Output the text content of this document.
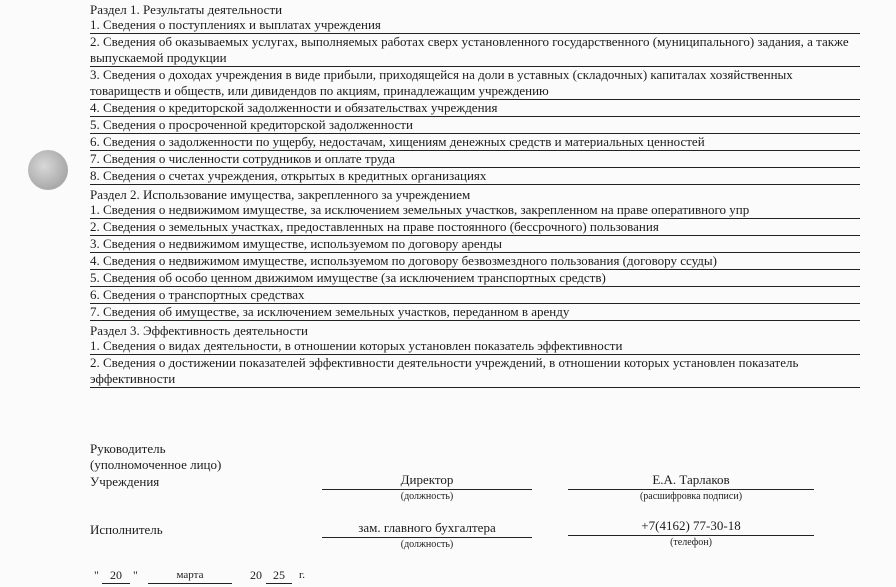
Раздел 1. Результаты деятельности
1. Сведения о поступлениях и выплатах учреждения
2. Сведения об оказываемых услугах, выполняемых работах сверх установленного государственного (муниципального) задания, а также выпускаемой продукции
3. Сведения о доходах учреждения в виде прибыли, приходящейся на доли в уставных (складочных) капиталах хозяйственных товариществ и обществ, или дивидендов по акциям, принадлежащим учреждению
4. Сведения о кредиторской задолженности и обязательствах учреждения
5. Сведения о просроченной кредиторской задолженности
6. Сведения о задолженности по ущербу, недостачам, хищениям денежных средств и материальных ценностей
7. Сведения о численности сотрудников и оплате труда
8. Сведения о счетах учреждения, открытых в кредитных организациях
Раздел 2. Использование имущества, закрепленного за учреждением
1. Сведения о недвижимом имуществе, за исключением земельных участков, закрепленном на праве оперативного упр
2. Сведения о земельных участках, предоставленных на праве постоянного (бессрочного) пользования
3. Сведения о недвижимом имуществе, используемом по договору аренды
4. Сведения о недвижимом имуществе, используемом по договору безвозмездного пользования (договору ссуды)
5. Сведения об особо ценном движимом имуществе (за исключением транспортных средств)
6. Сведения о транспортных средствах
7. Сведения об имуществе, за исключением земельных участков, переданном в аренду
Раздел 3. Эффективность деятельности
1. Сведения о видах деятельности, в отношении которых установлен показатель эффективности
2. Сведения о достижении показателей эффективности деятельности учреждений, в отношении которых установлен показатель эффективности
Руководитель
(уполномоченное лицо)
Учреждения	Директор
(должность)
Е.А. Тарлаков
(расшифровка подписи)
Исполнитель	зам. главного бухгалтера
(должность)
+7(4162) 77-30-18
(телефон)
" 20 "	марта	20 25	г.
